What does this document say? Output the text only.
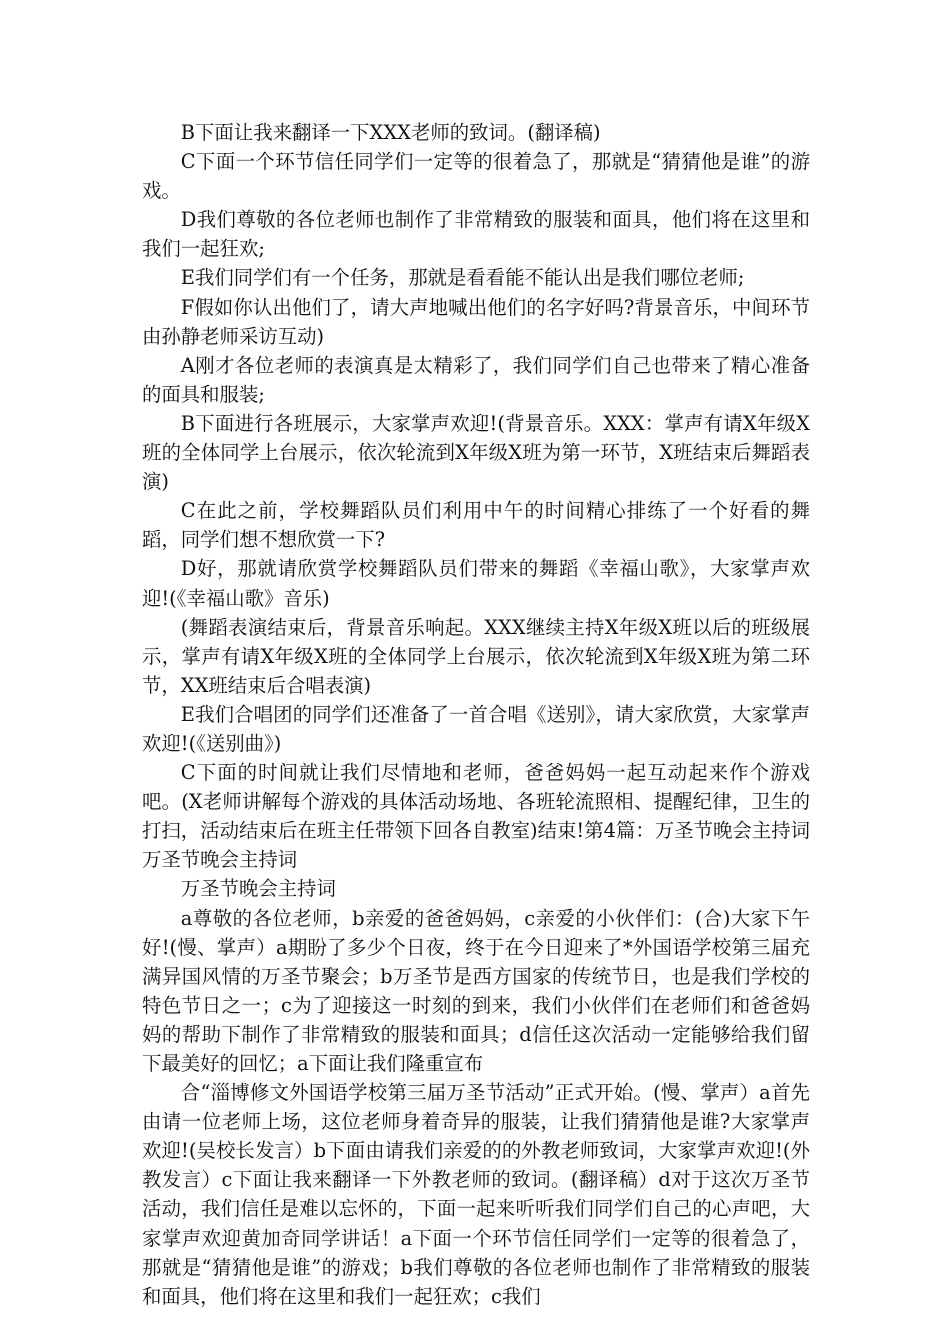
B下面让我来翻译一下XXX老师的致词。(翻译稿)

C下面一个环节信任同学们一定等的很着急了，那就是“猜猜他是谁”的游戏。

D我们尊敬的各位老师也制作了非常精致的服装和面具，他们将在这里和我们一起狂欢;

E我们同学们有一个任务，那就是看看能不能认出是我们哪位老师;

F假如你认出他们了，请大声地喊出他们的名字好吗?背景音乐，中间环节由孙静老师采访互动)

A刚才各位老师的表演真是太精彩了，我们同学们自己也带来了精心准备的面具和服装;

B下面进行各班展示，大家掌声欢迎!(背景音乐。XXX：掌声有请X年级X班的全体同学上台展示，依次轮流到X年级X班为第一环节，X班结束后舞蹈表演)

C在此之前，学校舞蹈队员们利用中午的时间精心排练了一个好看的舞蹈，同学们想不想欣赏一下?

D好，那就请欣赏学校舞蹈队员们带来的舞蹈《幸福山歌》，大家掌声欢迎!(《幸福山歌》音乐)

(舞蹈表演结束后，背景音乐响起。XXX继续主持X年级X班以后的班级展示，掌声有请X年级X班的全体同学上台展示，依次轮流到X年级X班为第二环节，XX班结束后合唱表演)

E我们合唱团的同学们还准备了一首合唱《送别》，请大家欣赏，大家掌声欢迎!(《送别曲》)

C下面的时间就让我们尽情地和老师，爸爸妈妈一起互动起来作个游戏吧。(X老师讲解每个游戏的具体活动场地、各班轮流照相、提醒纪律，卫生的打扫，活动结束后在班主任带领下回各自教室)结束!第4篇：万圣节晚会主持词万圣节晚会主持词

万圣节晚会主持词

a尊敬的各位老师，b亲爱的爸爸妈妈，c亲爱的小伙伴们：(合)大家下午好!(慢、掌声）a期盼了多少个日夜，终于在今日迎来了*外国语学校第三届充满异国风情的万圣节聚会；b万圣节是西方国家的传统节日，也是我们学校的特色节日之一；c为了迎接这一时刻的到来，我们小伙伴们在老师们和爸爸妈妈的帮助下制作了非常精致的服装和面具；d信任这次活动一定能够给我们留下最美好的回忆；a下面让我们隆重宣布

合“淄博修文外国语学校第三届万圣节活动”正式开始。(慢、掌声）a首先由请一位老师上场，这位老师身着奇异的服装，让我们猜猜他是谁?大家掌声欢迎!(吴校长发言）b下面由请我们亲爱的的外教老师致词，大家掌声欢迎!(外教发言）c下面让我来翻译一下外教老师的致词。(翻译稿）d对于这次万圣节活动，我们信任是难以忘怀的，下面一起来听听我们同学们自己的心声吧，大家掌声欢迎黄加奇同学讲话！a下面一个环节信任同学们一定等的很着急了，那就是“猜猜他是谁”的游戏；b我们尊敬的各位老师也制作了非常精致的服装和面具，他们将在这里和我们一起狂欢；c我们
